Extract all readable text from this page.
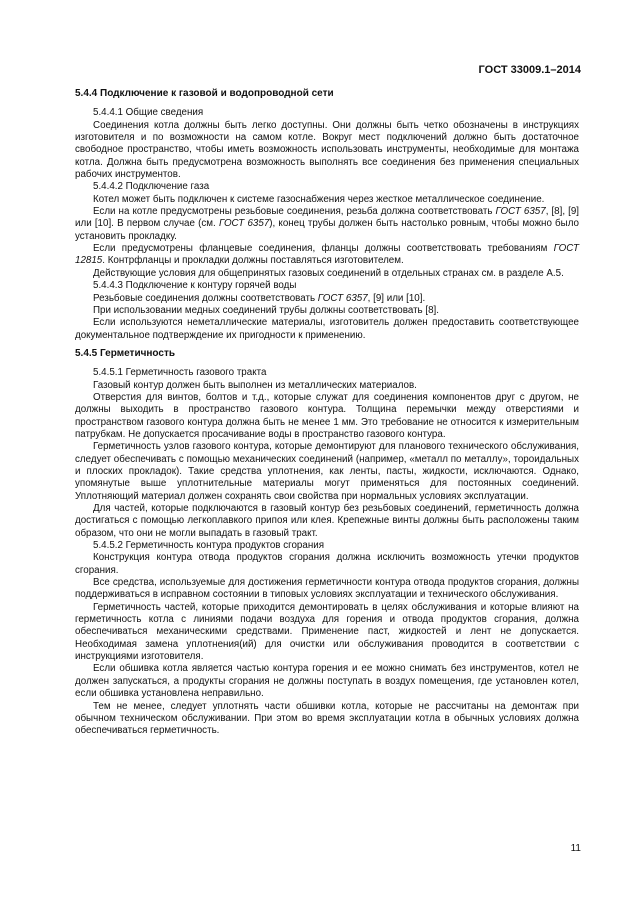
ГОСТ 33009.1–2014
5.4.4 Подключение к газовой и водопроводной сети

5.4.4.1 Общие сведения

Соединения котла должны быть легко доступны. Они должны быть четко обозначены в инструкциях изготовителя и по возможности на самом котле. Вокруг мест подключений должно быть достаточное свободное пространство, чтобы иметь возможность использовать инструменты, необходимые для монтажа котла. Должна быть предусмотрена возможность выполнять все соединения без применения специальных рабочих инструментов.

5.4.4.2 Подключение газа

Котел может быть подключен к системе газоснабжения через жесткое металлическое соединение.

Если на котле предусмотрены резьбовые соединения, резьба должна соответствовать ГОСТ 6357, [8], [9] или [10]. В первом случае (см. ГОСТ 6357), конец трубы должен быть настолько ровным, чтобы можно было установить прокладку.

Если предусмотрены фланцевые соединения, фланцы должны соответствовать требованиям ГОСТ 12815. Контрфланцы и прокладки должны поставляться изготовителем.

Действующие условия для общепринятых газовых соединений в отдельных странах см. в разделе А.5.

5.4.4.3 Подключение к контуру горячей воды

Резьбовые соединения должны соответствовать ГОСТ 6357, [9] или [10].

При использовании медных соединений трубы должны соответствовать [8].

Если используются неметаллические материалы, изготовитель должен предоставить соответствующее документальное подтверждение их пригодности к применению.

5.4.5 Герметичность

5.4.5.1 Герметичность газового тракта

Газовый контур должен быть выполнен из металлических материалов.

Отверстия для винтов, болтов и т.д., которые служат для соединения компонентов друг с другом, не должны выходить в пространство газового контура. Толщина перемычки между отверстиями и пространством газового контура должна быть не менее 1 мм. Это требование не относится к измерительным патрубкам. Не допускается просачивание воды в пространство газового контура.

Герметичность узлов газового контура, которые демонтируют для планового технического обслуживания, следует обеспечивать с помощью механических соединений (например, «металл по металлу», тороидальных и плоских прокладок). Такие средства уплотнения, как ленты, пасты, жидкости, исключаются. Однако, упомянутые выше уплотнительные материалы могут применяться для постоянных соединений. Уплотняющий материал должен сохранять свои свойства при нормальных условиях эксплуатации.

Для частей, которые подключаются в газовый контур без резьбовых соединений, герметичность должна достигаться с помощью легкоплавкого припоя или клея. Крепежные винты должны быть расположены таким образом, что они не могли выпадать в газовый тракт.

5.4.5.2 Герметичность контура продуктов сгорания

Конструкция контура отвода продуктов сгорания должна исключить возможность утечки продуктов сгорания.

Все средства, используемые для достижения герметичности контура отвода продуктов сгорания, должны поддерживаться в исправном состоянии в типовых условиях эксплуатации и технического обслуживания.

Герметичность частей, которые приходится демонтировать в целях обслуживания и которые влияют на герметичность котла с линиями подачи воздуха для горения и отвода продуктов сгорания, должна обеспечиваться механическими средствами. Применение паст, жидкостей и лент не допускается. Необходимая замена уплотнения(ий) для очистки или обслуживания проводится в соответствии с инструкциями изготовителя.

Если обшивка котла является частью контура горения и ее можно снимать без инструментов, котел не должен запускаться, а продукты сгорания не должны поступать в воздух помещения, где установлен котел, если обшивка установлена неправильно.

Тем не менее, следует уплотнять части обшивки котла, которые не рассчитаны на демонтаж при обычном техническом обслуживании. При этом во время эксплуатации котла в обычных условиях должна обеспечиваться герметичность.

11
